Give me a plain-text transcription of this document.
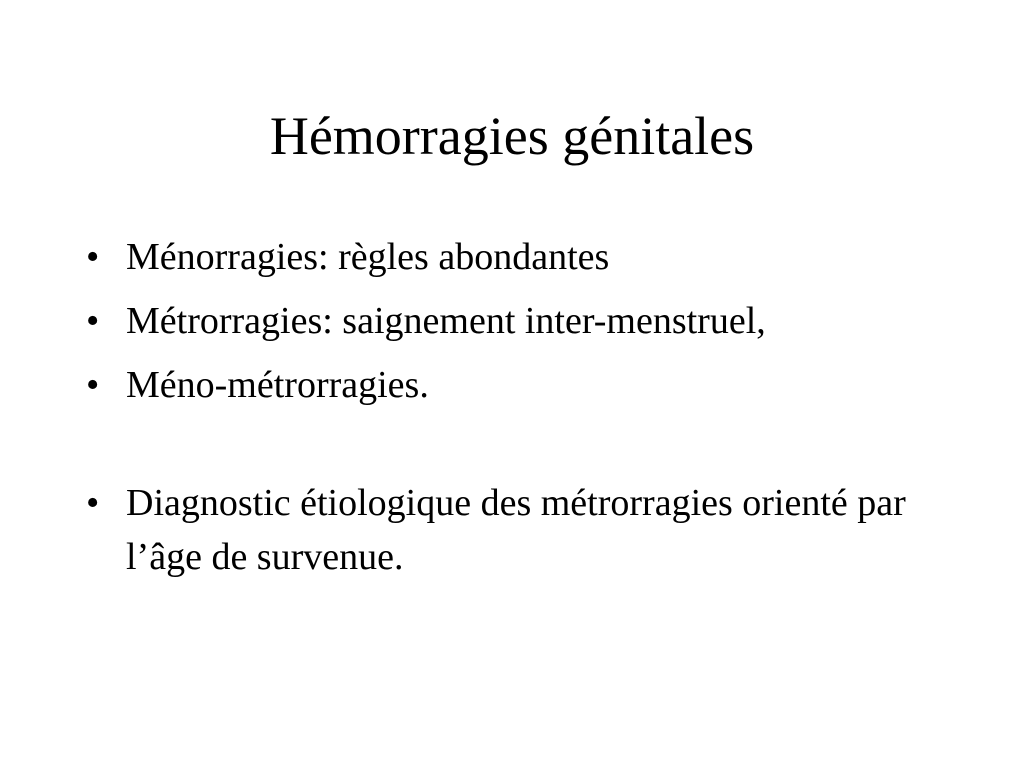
Hémorragies génitales
• Ménorragies: règles abondantes
• Métrorragies: saignement inter-menstruel,
• Méno-métrorragies.
• Diagnostic étiologique des métrorragies orienté par l’âge de survenue.
